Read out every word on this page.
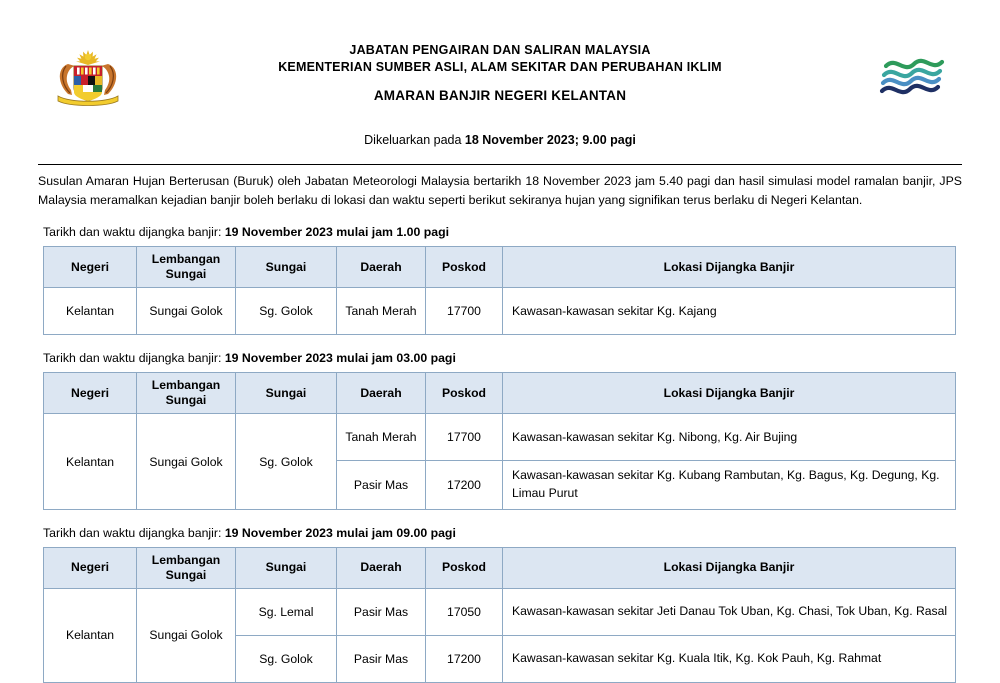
JABATAN PENGAIRAN DAN SALIRAN MALAYSIA
KEMENTERIAN SUMBER ASLI, ALAM SEKITAR DAN PERUBAHAN IKLIM
AMARAN BANJIR NEGERI KELANTAN
Dikeluarkan pada 18 November 2023; 9.00 pagi

Susulan Amaran Hujan Berterusan (Buruk) oleh Jabatan Meteorologi Malaysia bertarikh 18 November 2023 jam 5.40 pagi dan hasil simulasi model ramalan banjir, JPS Malaysia meramalkan kejadian banjir boleh berlaku di lokasi dan waktu seperti berikut sekiranya hujan yang signifikan terus berlaku di Negeri Kelantan.

Tarikh dan waktu dijangka banjir: 19 November 2023 mulai jam 1.00 pagi
Negeri	Lembangan Sungai	Sungai	Daerah	Poskod	Lokasi Dijangka Banjir
Kelantan	Sungai Golok	Sg. Golok	Tanah Merah	17700	Kawasan-kawasan sekitar Kg. Kajang
Tarikh dan waktu dijangka banjir: 19 November 2023 mulai jam 03.00 pagi
Negeri	Lembangan Sungai	Sungai	Daerah	Poskod	Lokasi Dijangka Banjir
Kelantan	Sungai Golok	Sg. Golok	Tanah Merah	17700	Kawasan-kawasan sekitar Kg. Nibong, Kg. Air Bujing
			Pasir Mas	17200	Kawasan-kawasan sekitar Kg. Kubang Rambutan, Kg. Bagus, Kg. Degung, Kg. Limau Purut
Tarikh dan waktu dijangka banjir: 19 November 2023 mulai jam 09.00 pagi
Negeri	Lembangan Sungai	Sungai	Daerah	Poskod	Lokasi Dijangka Banjir
Kelantan	Sungai Golok	Sg. Lemal	Pasir Mas	17050	Kawasan-kawasan sekitar Jeti Danau Tok Uban, Kg. Chasi, Tok Uban, Kg. Rasal
		Sg. Golok	Pasir Mas	17200	Kawasan-kawasan sekitar Kg. Kuala Itik, Kg. Kok Pauh, Kg. Rahmat
